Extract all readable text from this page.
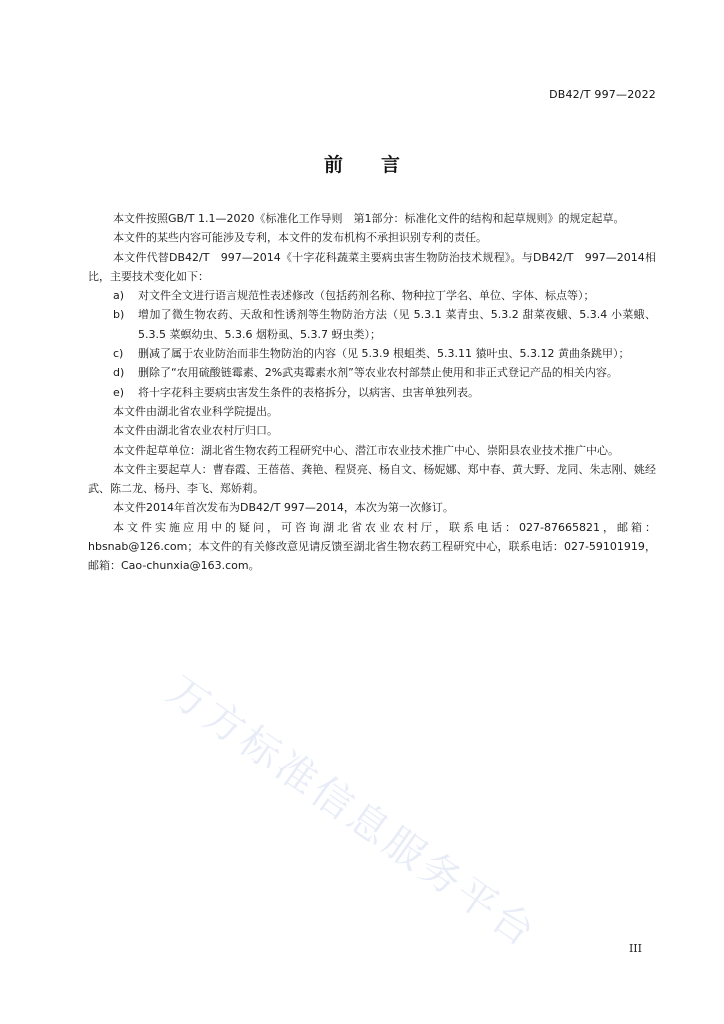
DB42/T 997—2022
前言

本文件按照GB/T 1.1—2020《标准化工作导则　第1部分：标准化文件的结构和起草规则》的规定起草。

本文件的某些内容可能涉及专利，本文件的发布机构不承担识别专利的责任。

本文件代替DB42/T　997—2014《十字花科蔬菜主要病虫害生物防治技术规程》。与DB42/T　997—2014相比，主要技术变化如下：

a)	对文件全文进行语言规范性表述修改（包括药剂名称、物种拉丁学名、单位、字体、标点等）；
b)	增加了微生物农药、天敌和性诱剂等生物防治方法（见 5.3.1 菜青虫、5.3.2 甜菜夜蛾、5.3.4 小菜蛾、5.3.5 菜螟幼虫、5.3.6 烟粉虱、5.3.7 蚜虫类）；
c)	删减了属于农业防治而非生物防治的内容（见 5.3.9 根蛆类、5.3.11 猿叶虫、5.3.12 黄曲条跳甲）；
d)	删除了“农用硫酸链霉素、2%武夷霉素水剂”等农业农村部禁止使用和非正式登记产品的相关内容。
e)	将十字花科主要病虫害发生条件的表格拆分，以病害、虫害单独列表。

本文件由湖北省农业科学院提出。

本文件由湖北省农业农村厅归口。

本文件起草单位：湖北省生物农药工程研究中心、潜江市农业技术推广中心、崇阳县农业技术推广中心。

本文件主要起草人：曹春霞、王蓓蓓、龚艳、程贤亮、杨自文、杨妮娜、郑中春、黄大野、龙同、朱志刚、姚经武、陈二龙、杨丹、李飞、郑娇莉。

本文件2014年首次发布为DB42/T 997—2014，本次为第一次修订。

本文件实施应用中的疑问，可咨询湖北省农业农村厅，联系电话：027-87665821，邮箱：hbsnab@126.com；本文件的有关修改意见请反馈至湖北省生物农药工程研究中心，联系电话：027-59101919，邮箱：Cao-chunxia@163.com。

万方标准信息服务平台	III
